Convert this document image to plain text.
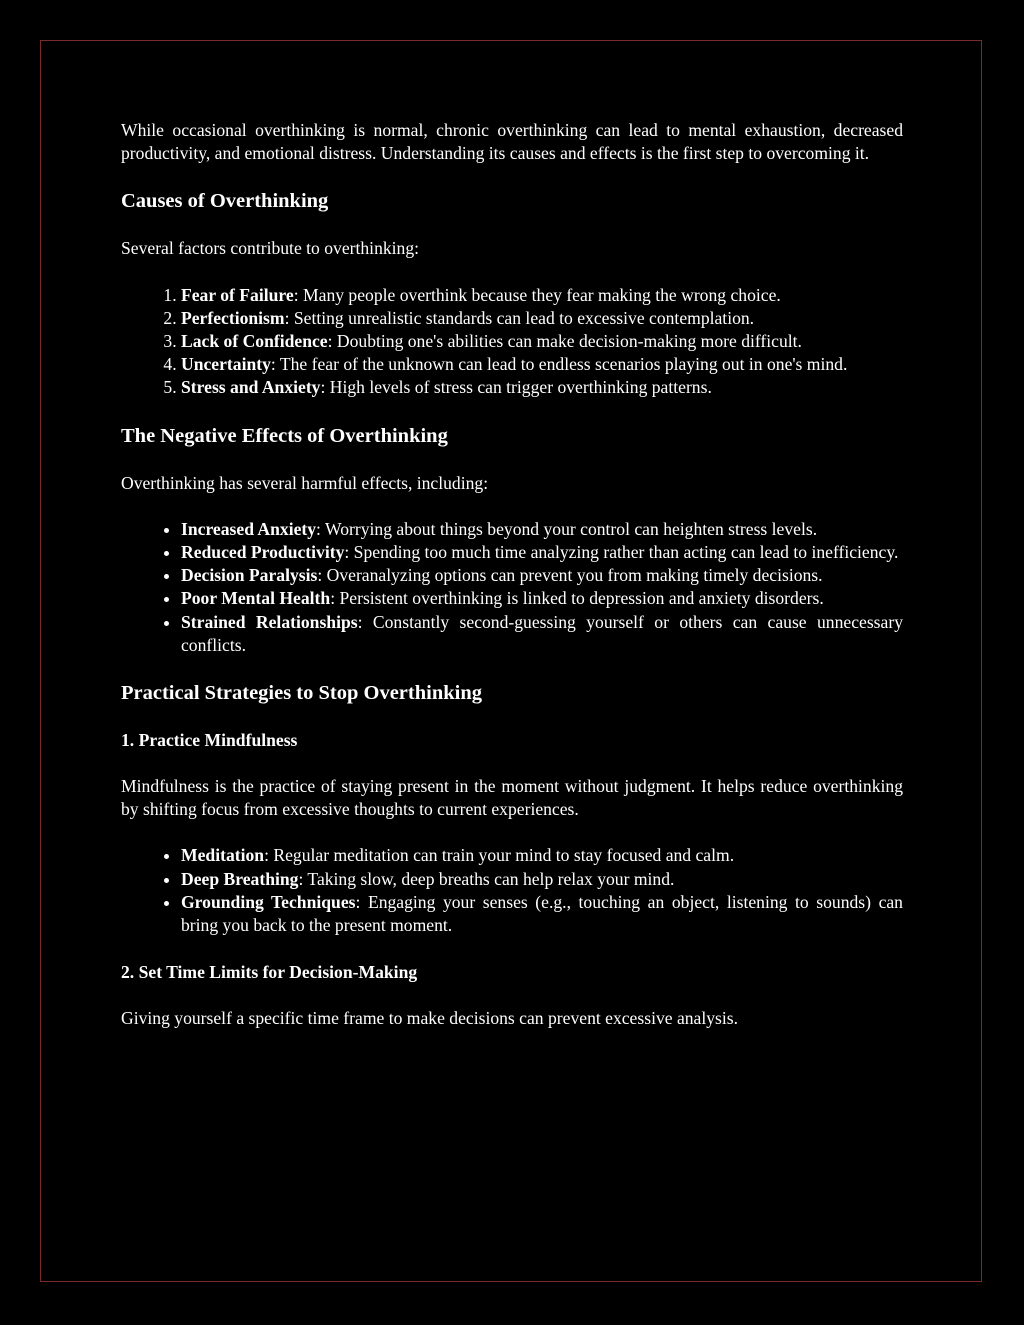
While occasional overthinking is normal, chronic overthinking can lead to mental exhaustion, decreased productivity, and emotional distress. Understanding its causes and effects is the first step to overcoming it.

Causes of Overthinking

Several factors contribute to overthinking:

1. Fear of Failure: Many people overthink because they fear making the wrong choice.
2. Perfectionism: Setting unrealistic standards can lead to excessive contemplation.
3. Lack of Confidence: Doubting one's abilities can make decision-making more difficult.
4. Uncertainty: The fear of the unknown can lead to endless scenarios playing out in one's mind.
5. Stress and Anxiety: High levels of stress can trigger overthinking patterns.
The Negative Effects of Overthinking

Overthinking has several harmful effects, including:

• Increased Anxiety: Worrying about things beyond your control can heighten stress levels.
• Reduced Productivity: Spending too much time analyzing rather than acting can lead to inefficiency.
• Decision Paralysis: Overanalyzing options can prevent you from making timely decisions.
• Poor Mental Health: Persistent overthinking is linked to depression and anxiety disorders.
• Strained Relationships: Constantly second-guessing yourself or others can cause unnecessary conflicts.
Practical Strategies to Stop Overthinking
1. Practice Mindfulness

Mindfulness is the practice of staying present in the moment without judgment. It helps reduce overthinking by shifting focus from excessive thoughts to current experiences.

• Meditation: Regular meditation can train your mind to stay focused and calm.
• Deep Breathing: Taking slow, deep breaths can help relax your mind.
• Grounding Techniques: Engaging your senses (e.g., touching an object, listening to sounds) can bring you back to the present moment.
2. Set Time Limits for Decision-Making

Giving yourself a specific time frame to make decisions can prevent excessive analysis.
